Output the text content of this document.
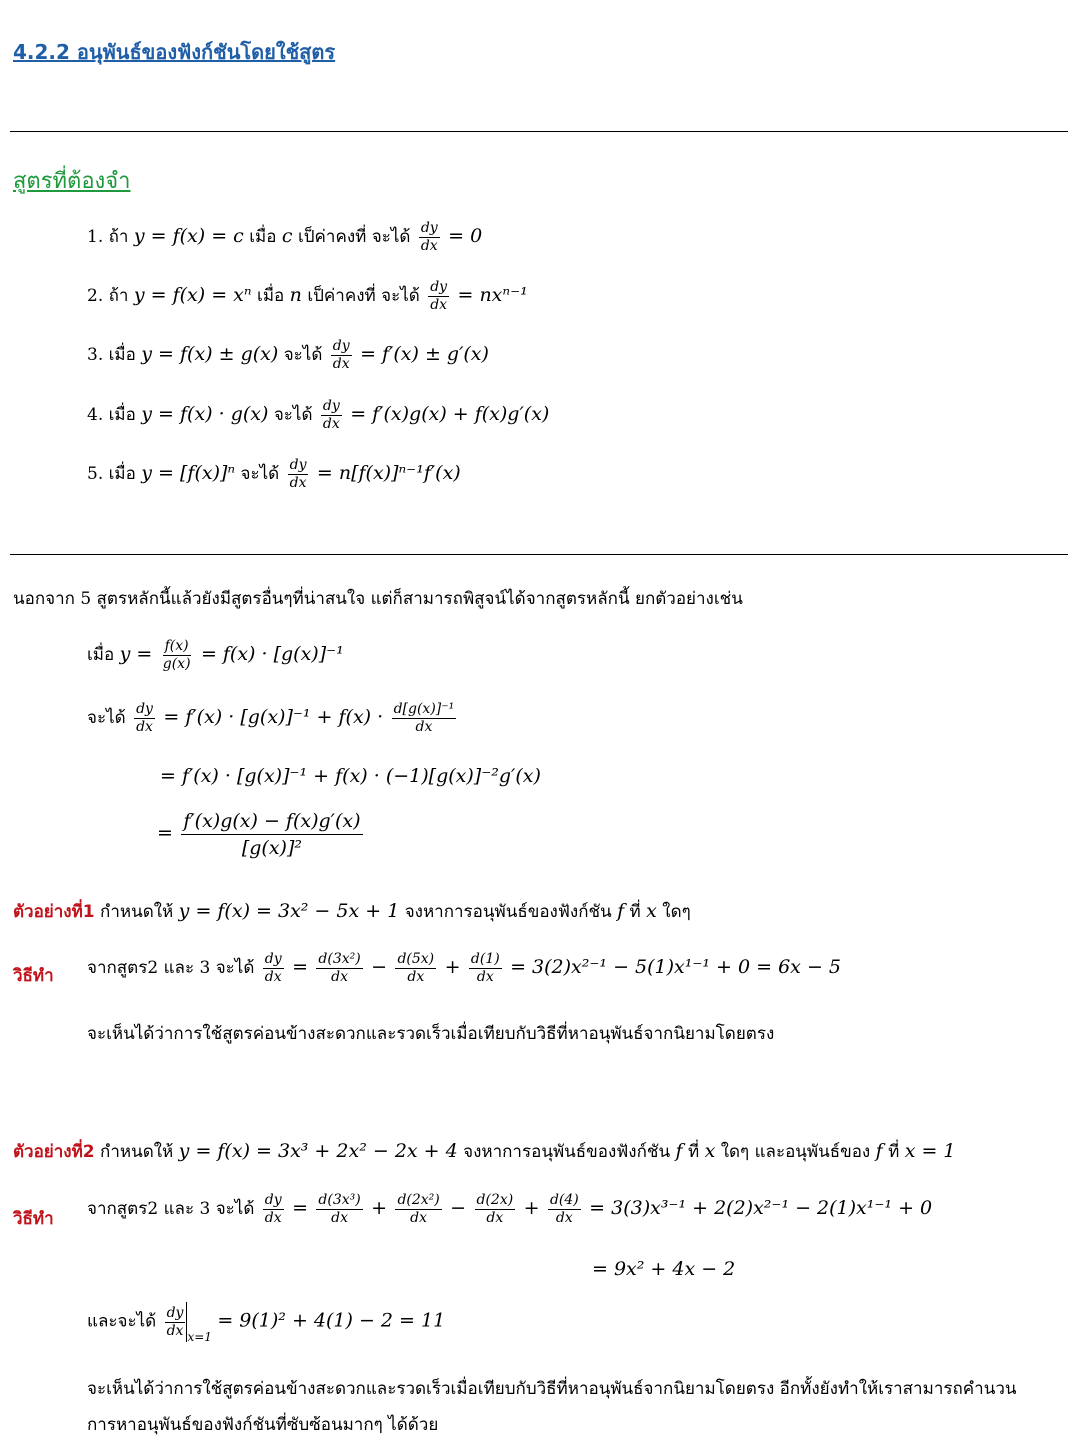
4.2.2 อนุพันธ์ของฟังก์ชันโดยใช้สูตร
สูตรที่ต้องจำ
1. ถ้า y = f(x) = c เมื่อ c เป็ค่าคงที่ จะได้ $\frac{dy}{dx} = 0$
2. ถ้า y = f(x) = xⁿ เมื่อ n เป็ค่าคงที่ จะได้ $\frac{dy}{dx} = nx^{n-1}$
3. เมื่อ y = f(x) ± g(x) จะได้ $\frac{dy}{dx} = f'(x) \pm g'(x)$
4. เมื่อ y = f(x) · g(x) จะได้ $\frac{dy}{dx} = f'(x)g(x) + f(x)g'(x)$
5. เมื่อ y = [f(x)]ⁿ จะได้ $\frac{dy}{dx} = n[f(x)]^{n-1}f'(x)$
นอกจาก 5 สูตรหลักนี้แล้วยังมีสูตรอื่นๆที่น่าสนใจ แต่ก็สามารถพิสูจน์ได้จากสูตรหลักนี้ ยกตัวอย่างเช่น
เมื่อ $y = \frac{f(x)}{g(x)} = f(x) \cdot [g(x)]^{-1}$
จะได้ $\frac{dy}{dx} = f'(x) \cdot [g(x)]^{-1} + f(x) \cdot \frac{\text{d[g(x)]⁻¹}}{dx}$
= f′(x) · [g(x)]⁻¹ + f(x) · (−1)[g(x)]⁻²g′(x)
= $\frac{f'(x)g(x) - f(x)g'(x)}{\text{[g(x)]²}}$
ตัวอย่างที่1 กำหนดให้ y = f(x) = 3x² − 5x + 1 จงหาการอนุพันธ์ของฟังก์ชัน f ที่ x ใดๆ
วิธีทำ จากสูตร2 และ 3 จะได้ $\frac{dy}{dx} = \frac{\text{d(3x²)}}{dx} - \frac{d(5x)}{dx} + \frac{d(1)}{dx} = 3(2)x^{2-1} - 5(1)x^{1-1} + 0 = 6x - 5$
จะเห็นได้ว่าการใช้สูตรค่อนข้างสะดวกและรวดเร็วเมื่อเทียบกับวิธีที่หาอนุพันธ์จากนิยามโดยตรง
ตัวอย่างที่2 กำหนดให้ y = f(x) = 3x³ + 2x² − 2x + 4 จงหาการอนุพันธ์ของฟังก์ชัน f ที่ x ใดๆ และอนุพันธ์ของ f ที่ x = 1
วิธีทำ จากสูตร2 และ 3 จะได้ $\frac{dy}{dx} = \frac{\text{d(3x³)}}{dx} + \frac{\text{d(2x²)}}{dx} - \frac{d(2x)}{dx} + \frac{d(4)}{dx} = 3(3)x^{3-1} + 2(2)x^{2-1} - 2(1)x^{1-1} + 0$
= 9x² + 4x − 2
และจะได้ $\frac{dy}{dx} _{x=1} = 9(1)^2 + 4(1) - 2 = 11$
จะเห็นได้ว่าการใช้สูตรค่อนข้างสะดวกและรวดเร็วเมื่อเทียบกับวิธีที่หาอนุพันธ์จากนิยามโดยตรง อีกทั้งยังทำให้เราสามารถคำนวน
การหาอนุพันธ์ของฟังก์ชันที่ซับซ้อนมากๆ ได้ด้วย
